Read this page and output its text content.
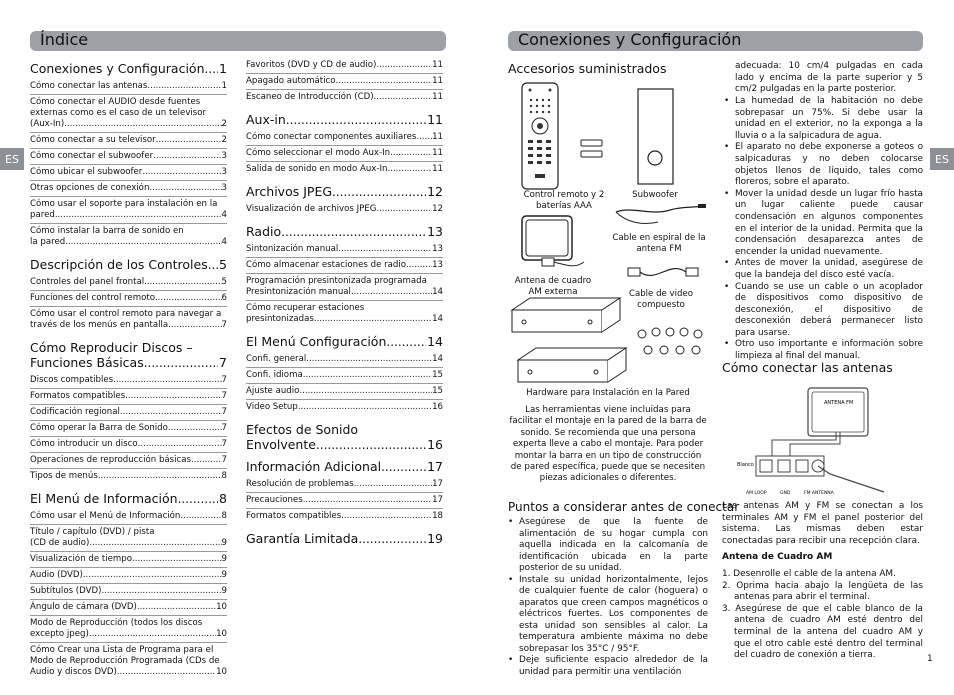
Índice
ES
Conexiones y Configuración ..... 1
Cómo conectar las antenas .....	1
Cómo conectar el AUDIO desde fuentes
externas como es el caso de un televisor
(Aux-In) .....	2
Cómo conectar a su televisor .....	2
Cómo conectar el subwoofer .....	3
Cómo ubicar el subwoofer .....	3
Otras opciones de conexión .....	3
Cómo usar el soporte para instalación en la
pared .....	4
Cómo instalar la barra de sonido en
la pared .....	4
Descripción de los Controles ..... 5
Controles del panel frontal .....	5
Funciones del control remoto .....	6
Cómo usar el control remoto para navegar a
través de los menús en pantalla .....	7
Cómo Reproducir Discos –
Funciones Básicas .....	7
Discos compatibles .....	7
Formatos compatibles .....	7
Codificación regional .....	7
Cómo operar la Barra de Sonido .....	7
Cómo introducir un disco .....	7
Operaciones de reproducción básicas .....	7
Tipos de menús .....	8
El Menú de Información .....	8
Cómo usar el Menú de Información .....	8
Título / capítulo (DVD) / pista
(CD de audio) .....	9
Visualización de tiempo .....	9
Audio (DVD) .....	9
Subtítulos (DVD) .....	9
Ángulo de cámara (DVD) .....	10
Modo de Reproducción (todos los discos
excepto jpeg) .....	10
Cómo Crear una Lista de Programa para el
Modo de Reproducción Programada (CDs de
Audio y discos DVD) .....	10
Favoritos (DVD y CD de audio) .....	11
Apagado automático .....	11
Escaneo de Introducción (CD) .....	11
Aux-in .....	11
Cómo conectar componentes auxiliares ..... 11
Cómo seleccionar el modo Aux-In .....	11
Salida de sonido en modo Aux-In .....	11
Archivos JPEG .....	12
Visualización de archivos JPEG .....	12
Radio .....	13
Sintonización manual .....	13
Cómo almacenar estaciones de radio .....	13
Programación presintonizada programada
Presintonización manual .....	14
Cómo recuperar estaciones
presintonizadas .....	14
El Menú Configuración .....	14
Confi. general .....	14
Confi. idioma .....	15
Ajuste audio .....	15
Video Setup .....	16
Efectos de Sonido
Envolvente .....	16
Información Adicional .....	17
Resolución de problemas .....	17
Precauciones .....	17
Formatos compatibles .....	18
Garantía Limitada .....	19
Conexiones y Configuración
ES
Accesorios suministrados
Control remoto y 2 baterías AAA
Subwoofer
Cable en espiral de la antena FM
Antena de cuadro AM externa	Cable de video compuesto
Hardware para Instalación en la Pared
Las herramientas viene incluidas para facilitar el montaje en la pared de la barra de sonido. Se recomienda que una persona experta lleve a cabo el montaje. Para poder montar la barra en un tipo de construcción de pared específica, puede que se necesiten piezas adicionales o diferentes.
Puntos a considerar antes de conectar
• Asegúrese de que la fuente de alimentación de su hogar cumpla con aquella indicada en la calcomanía de identificación ubicada en la parte posterior de su unidad.
• Instale su unidad horizontalmente, lejos de cualquier fuente de calor (hoguera) o aparatos que creen campos magnéticos o eléctricos fuertes. Los componentes de esta unidad son sensibles al calor. La temperatura ambiente máxima no debe sobrepasar los 35°C / 95°F.
• Deje suficiente espacio alrededor de la unidad para permitir una ventilación
adecuada: 10 cm/4 pulgadas en cada lado y encima de la parte superior y 5 cm/2 pulgadas en la parte posterior.
• La humedad de la habitación no debe sobrepasar un 75%. Si debe usar la unidad en el exterior, no la exponga a la lluvia o a la salpicadura de agua.
• El aparato no debe exponerse a goteos o salpicaduras y no deben colocarse objetos llenos de líquido, tales como floreros, sobre el aparato.
• Mover la unidad desde un lugar frío hasta un lugar caliente puede causar condensación en algunos componentes en el interior de la unidad. Permita que la condensación desaparezca antes de encender la unidad nuevamente.
• Antes de mover la unidad, asegúrese de que la bandeja del disco esté vacía.
• Cuando se use un cable o un acoplador de dispositivos como dispositivo de desconexión, el dispositivo de desconexión deberá permanecer listo para usarse.
• Otro uso importante e información sobre limpieza al final del manual.
Cómo conectar las antenas
ANTENA FM
Blanco
AM LOOP	GND	FM ANTENNA
Las antenas AM y FM se conectan a los terminales AM y FM el panel posterior del sistema. Las mismas deben estar conectadas para recibir una recepción clara.
Antena de Cuadro AM
1. Desenrolle el cable de la antena AM.
2. Oprima hacia abajo la lengüeta de las antenas para abrir el terminal.
3. Asegúrese de que el cable blanco de la antena de cuadro AM esté dentro del terminal de la antena del cuadro AM y que el otro cable esté dentro del terminal del cuadro de conexión a tierra.	1
